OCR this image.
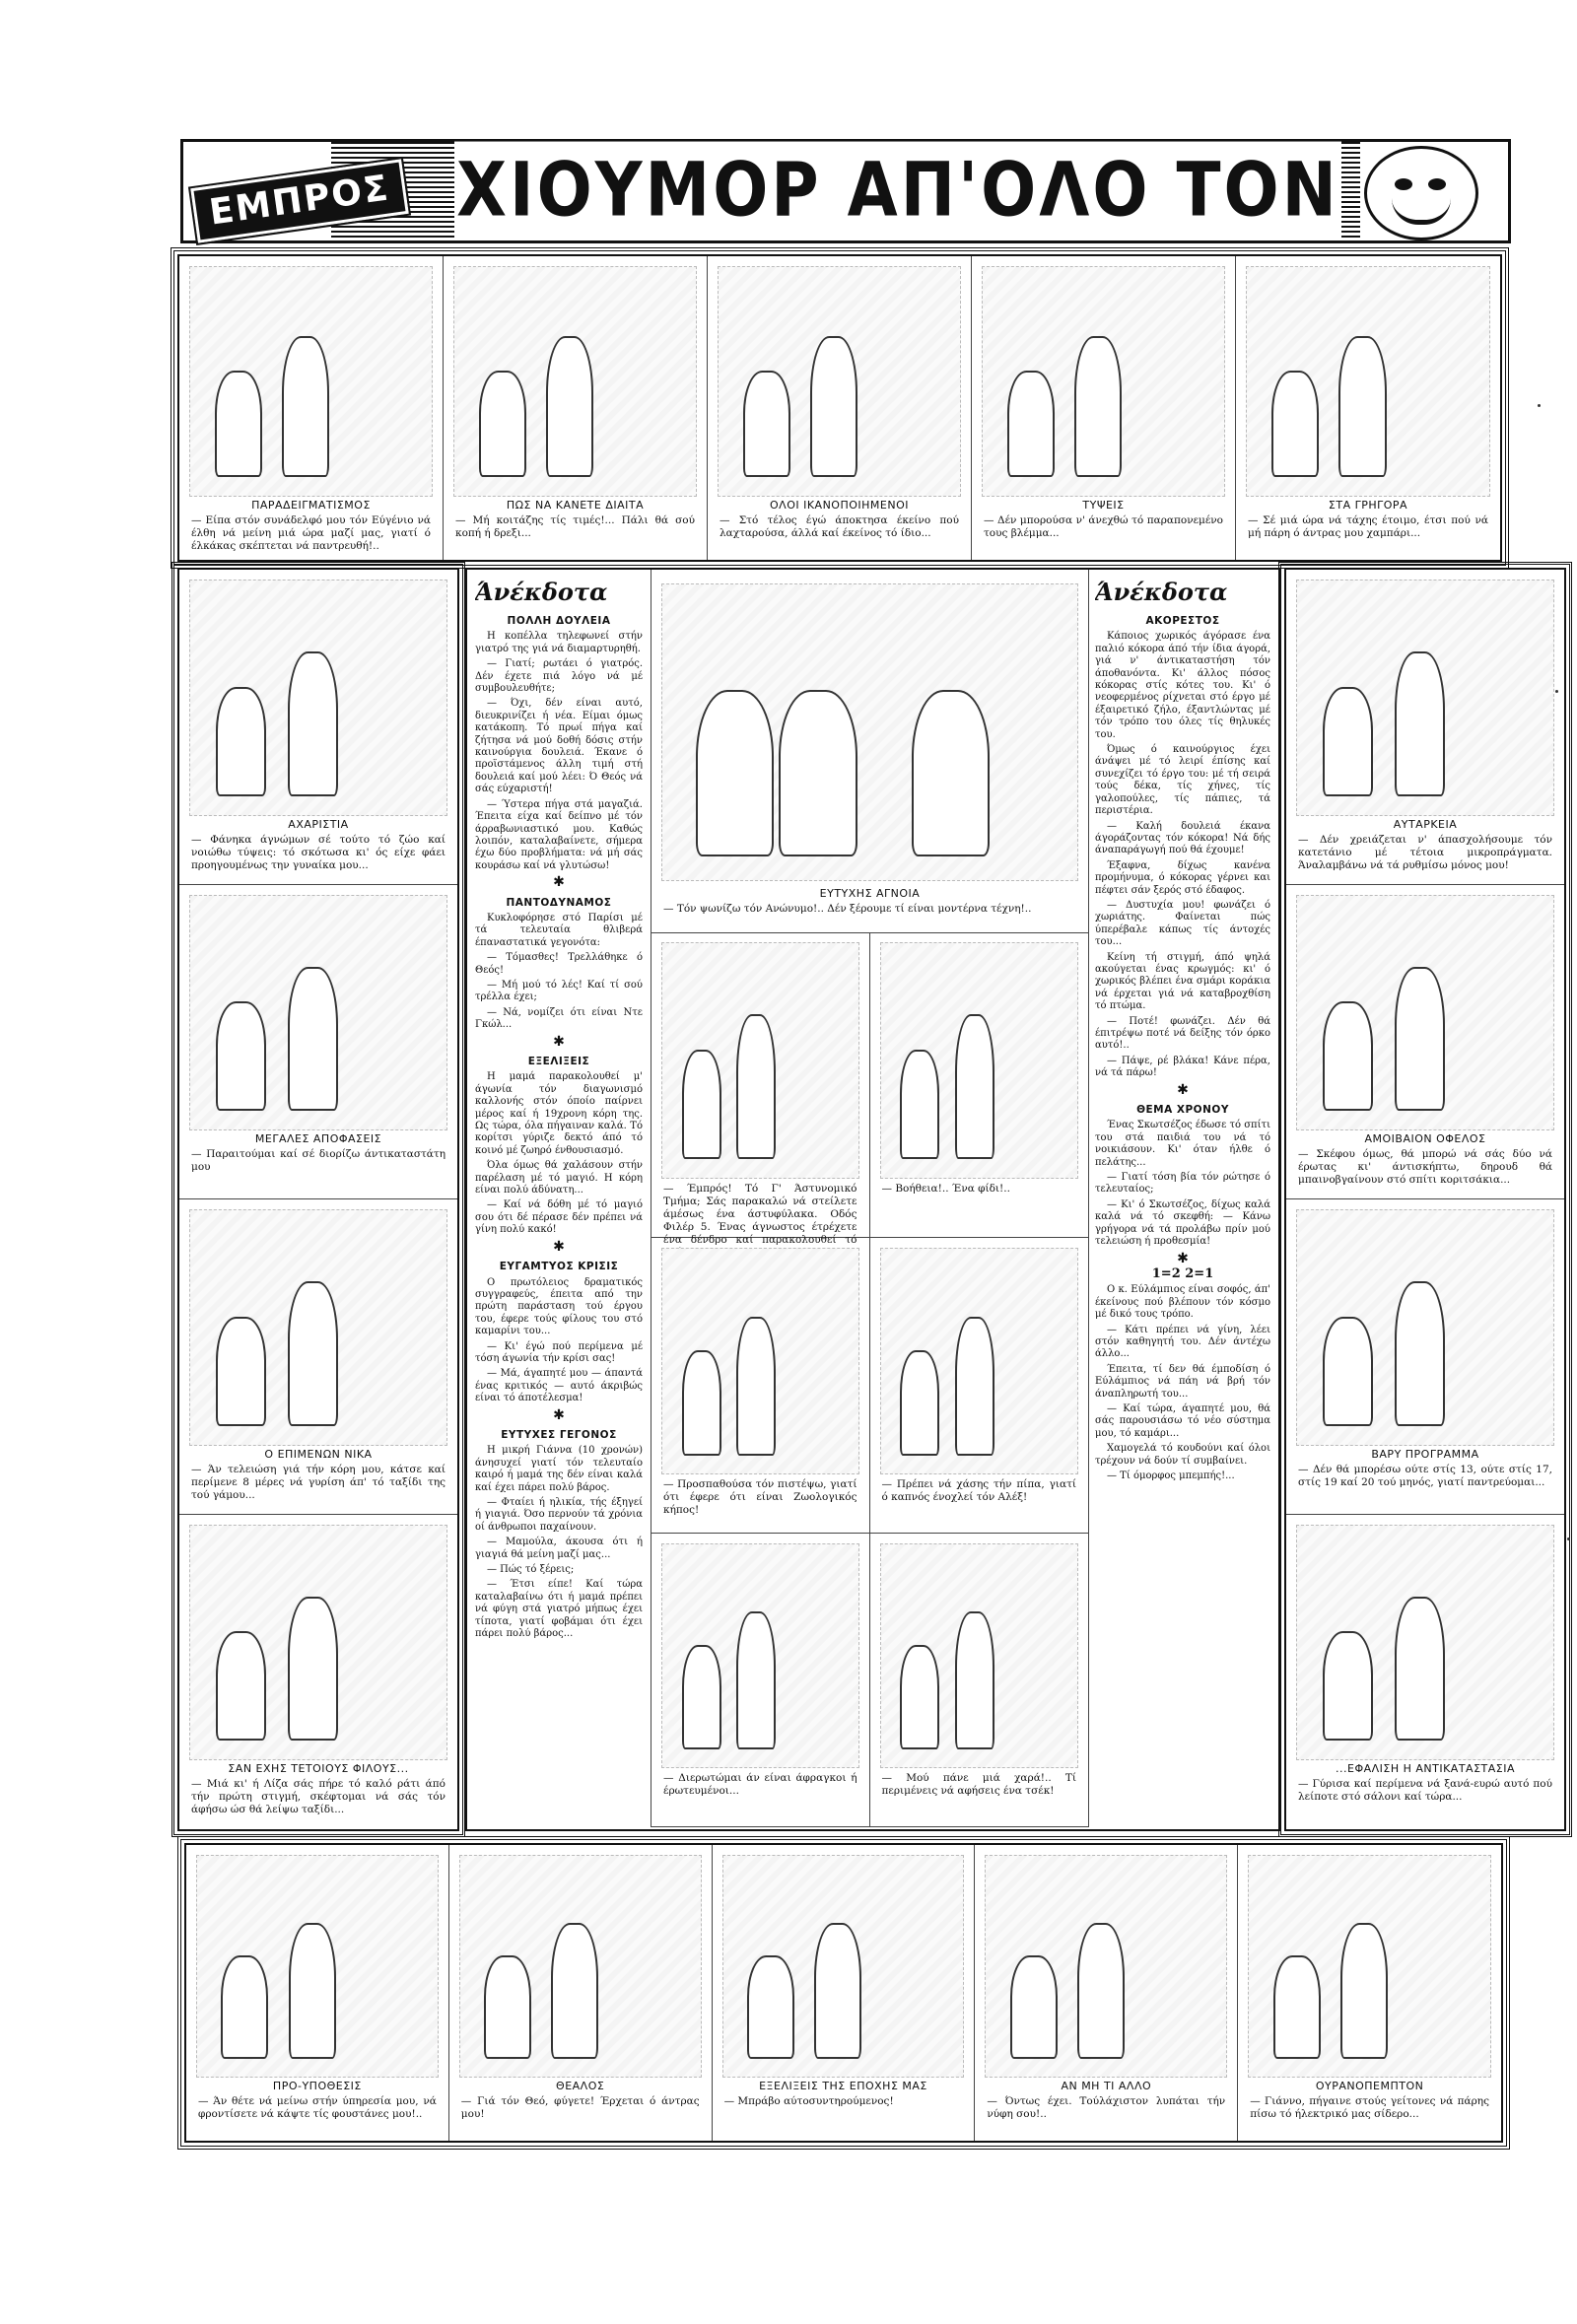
ΕΜΠΡΟΣ ΧΙΟΥΜΟΡ ΑΠ'ΟΛΟ ΤΟΝ
ΠΑΡΑΔΕΙΓΜΑΤΙΣΜΟΣ
— Είπα στόν συνάδελφό μου τόν Εύγένιο νά έλθη νά μείνη μιά ώρα μαζί μας, γιατί ό έλκάκας σκέπτεται νά παντρευθή!..
ΠΩΣ ΝΑ ΚΑΝΕΤΕ ΔΙΑΙΤΑ
— Μή κοιτάζης τίς τιμές!... Πάλι θά σού κοπή ή δρεξι...
ΟΛΟΙ ΙΚΑΝΟΠΟΙΗΜΕΝΟΙ
— Στό τέλος έγώ άποκτησα έκείνο πού λαχταρούσα, άλλά καί έκείνος τό ίδιο...
ΤΥΨΕΙΣ
— Δέν μπορούσα ν' άνεχθώ τό παραπονεμένο τους βλέμμα...
ΣΤΑ ΓΡΗΓΟΡΑ
— Σέ μιά ώρα νά τάχης έτοιμο, έτσι πού νά μή πάρη ό άντρας μου χαμπάρι...
ΑΧΑΡΙΣΤΙΑ
— Φάνηκα άγνώμων σέ τούτο τό ζώο καί νοιώθω τύψεις: τό σκότωσα κι' ός είχε φάει προηγουμένως την γυναίκα μου...
ΜΕΓΑΛΕΣ ΑΠΟΦΑΣΕΙΣ
— Παραιτούμαι καί σέ διορίζω άντικαταστάτη μου
Ο ΕΠΙΜΕΝΩΝ ΝΙΚΑ
— Άν τελειώση γιά τήν κόρη μου, κάτσε καί περίμενε 8 μέρες νά γυρίση άπ' τό ταξίδι της τού γάμου...
ΣΑΝ ΕΧΗΣ ΤΕΤΟΙΟΥΣ ΦΙΛΟΥΣ...
— Μιά κι' ή Λίζα σάς πήρε τό καλό ράτι άπό τήν πρώτη στιγμή, σκέφτομαι νά σάς τόν άφήσω ώσ θά λείψω ταξίδι...
ΑΥΤΑΡΚΕΙΑ
— Δέν χρειάζεται ν' άπασχολήσουμε τόν κατετάνιο μέ τέτοια μικροπράγματα. Άναλαμβάνω νά τά ρυθμίσω μόνος μου!
ΑΜΟΙΒΑΙΟΝ ΟΦΕΛΟΣ
— Σκέφου όμως, θά μπορώ νά σάς δύο νά έρωτας κι' άντισκήπτω, δηρουδ θά μπαινοβγαίνουν στό σπίτι κοριτσάκια...
ΒΑΡΥ ΠΡΟΓΡΑΜΜΑ
— Δέν θά μπορέσω ούτε στίς 13, ούτε στίς 17, στίς 19 καί 20 τού μηνός, γιατί παντρεύομαι...
...ΕΦΑΛΙΣΗ Η ΑΝΤΙΚΑΤΑΣΤΑΣΙΑ
— Γύρισα καί περίμενα νά ξανά-ευρώ αυτό πού λείποτε στό σάλονι καί τώρα...
Άνέκδοτα
ΠΟΛΛΗ ΔΟΥΛΕΙΑ

Η κοπέλλα τηλεφωνεί στήν γιατρό της γιά νά διαμαρτυρηθή.

— Γιατί; ρωτάει ό γιατρός. Δέν έχετε πιά λόγο νά μέ συμβουλευθήτε;

— Όχι, δέν είναι αυτό, διευκρινίζει ή νέα. Είμαι όμως κατάκοπη. Τό πρωί πήγα καί ζήτησα νά μού δοθή δόσις στήν καινούργια δουλειά. Έκανε ό προϊστάμενος άλλη τιμή στή δουλειά καί μού λέει: Ό Θεός νά σάς εύχαριστή!

— Ύστερα πήγα στά μαγαζιά. Έπειτα είχα καί δείπνο μέ τόν άρραβωνιαστικό μου. Καθώς λοιπόν, καταλαβαίνετε, σήμερα έχω δύο προβλήματα: νά μή σάς κουράσω καί νά γλυτώσω!

✱
ΠΑΝΤΟΔΥΝΑΜΟΣ

Κυκλοφόρησε στό Παρίσι μέ τά τελευταία θλιβερά έπαναστατικά γεγονότα:

— Τόμασθες! Τρελλάθηκε ό Θεός!

— Μή μού τό λές! Καί τί σού τρέλλα έχει;

— Νά, νομίζει ότι είναι Ντε Γκώλ...

✱
ΕΞΕΛΙΞΕΙΣ

Η μαμά παρακολουθεί μ' άγωνία τόν διαγωνισμό καλλονής στόν όποίο παίρνει μέρος καί ή 19χρονη κόρη της. Ως τώρα, όλα πήγαιναν καλά. Τό κορίτσι γύριζε δεκτό άπό τό κοινό μέ ζωηρό ένθουσιασμό.

Όλα όμως θά χαλάσουν στήν παρέλαση μέ τό μαγιό. Η κόρη είναι πολύ άδύνατη...

— Καί νά δόθη μέ τό μαγιό σου ότι δέ πέρασε δέν πρέπει νά γίνη πολύ κακό!

✱
ΕΥΓΑΜΤΥΟΣ ΚΡΙΣΙΣ

Ο πρωτόλειος δραματικός συγγραφεύς, έπειτα από την πρώτη παράσταση τού έργου του, έφερε τούς φίλους του στό καμαρίνι του...

— Κι' έγώ πού περίμενα μέ τόση άγωνία τήν κρίσι σας!

— Μά, άγαπητέ μου — άπαντά ένας κριτικός — αυτό άκριβώς είναι τό άποτέλεσμα!

✱
ΕΥΤΥΧΕΣ ΓΕΓΟΝΟΣ

Η μικρή Γιάννα (10 χρονών) άνησυχεί γιατί τόν τελευταίο καιρό ή μαμά της δέν είναι καλά καί έχει πάρει πολύ βάρος.

— Φταίει ή ηλικία, τής έξηγεί ή γιαγιά. Όσο περνούν τά χρόνια οί άνθρωποι παχαίνουν.

— Μαμούλα, άκουσα ότι ή γιαγιά θά μείνη μαζί μας...

— Πώς τό ξέρεις;

— Έτσι είπε! Καί τώρα καταλαβαίνω ότι ή μαμά πρέπει νά φύγη στά γιατρό μήπως έχει τίποτα, γιατί φοβάμαι ότι έχει πάρει πολύ βάρος...

Άνέκδοτα
ΑΚΟΡΕΣΤΟΣ

Κάποιος χωρικός άγόρασε ένα παλιό κόκορα άπό τήν ίδια άγορά, γιά ν' άντικαταστήση τόν άποθανόντα. Κι' άλλος πόσος κόκορας στίς κότες του. Κι' ό νεοφερμένος ρίχνεται στό έργο μέ έξαιρετικό ζήλο, έξαντλώντας μέ τόν τρόπο του όλες τίς θηλυκές του.

Όμως ό καινούργιος έχει άνάψει μέ τό λειρί έπίσης καί συνεχίζει τό έργο του: μέ τή σειρά τούς δέκα, τίς χήνες, τίς γαλοπούλες, τίς πάπιες, τά περιστέρια.

— Καλή δουλειά έκανα άγοράζοντας τόν κόκορα! Νά δής άναπαράγωγή πού θά έχουμε!

Έξαφνα, δίχως κανένα προμήνυμα, ό κόκορας γέρνει και πέφτει σάν ξερός στό έδαφος.

— Δυστυχία μου! φωνάζει ό χωριάτης. Φαίνεται πώς ύπερέβαλε κάπως τίς άντοχές του...

Κείνη τή στιγμή, άπό ψηλά ακούγεται ένας κρωγμός: κι' ό χωρικός βλέπει ένα σμάρι κοράκια νά έρχεται γιά νά καταβροχθίση τό πτώμα.

— Ποτέ! φωνάζει. Δέν θά έπιτρέψω ποτέ νά δείξης τόν όρκο αυτό!..

— Πάψε, ρέ βλάκα! Κάνε πέρα, νά τά πάρω!

✱
ΘΕΜΑ ΧΡΟΝΟΥ

Ένας Σκωτσέζος έδωσε τό σπίτι του στά παιδιά του νά τό νοικιάσουν. Κι' όταν ήλθε ό πελάτης...

— Γιατί τόση βία τόν ρώτησε ό τελευταίος;

— Κι' ό Σκωτσέζος, δίχως καλά καλά νά τό σκεφθή: — Κάνω γρήγορα νά τά προλάβω πρίν μού τελειώση ή προθεσμία!

✱
1=2 2=1

Ο κ. Εύλάμπιος είναι σοφός, άπ' έκείνους πού βλέπουν τόν κόσμο μέ δικό τους τρόπο.

— Κάτι πρέπει νά γίνη, λέει στόν καθηγητή του. Δέν άντέχω άλλο...

Έπειτα, τί δεν θά έμποδίση ό Εύλάμπιος νά πάη νά βρή τόν άναπληρωτή του...

— Καί τώρα, άγαπητέ μου, θά σάς παρουσιάσω τό νέο σύστημα μου, τό καμάρι...

Χαμογελά τό κουδούνι καί όλοι τρέχουν νά δούν τί συμβαίνει.

— Τί όμορφος μπεμπής!...

ΕΥΤΥΧΗΣ ΑΓΝΟΙΑ
— Τόν ψωνίζω τόν Ανώνυμο!.. Δέν ξέρουμε τί είναι μοντέρνα τέχνη!..
— Έμπρός! Τό Γ' Άστυνομικό Τμήμα; Σάς παρακαλώ νά στείλετε άμέσως ένα άστυφύλακα. Οδός Φιλέρ 5. Ένας άγνωστος έτρέχετε ένα δένδρο καί παρακολουθεί τό
— Βοήθεια!.. Ένα φίδι!..
— Προσπαθούσα τόν πιστέψω, γιατί ότι έφερε ότι είναι Ζωολογικός κήπος!
— Πρέπει νά χάσης τήν πίπα, γιατί ό καπνός ένοχλεί τόν Αλέξ!
— Διερωτώμαι άν είναι άφραγκοι ή έρωτευμένοι...
— Μού πάνε μιά χαρά!.. Τί περιμένεις νά αφήσεις ένα τσέκ!
ΠΡΟ-ΥΠΟΘΕΣΙΣ
— Άν θέτε νά μείνω στήν ύπηρεσία μου, νά φροντίσετε νά κάψτε τίς φουστάνες μου!..
ΘΕΑΛΟΣ
— Γιά τόν Θεό, φύγετε! Έρχεται ό άντρας μου!
ΕΞΕΛΙΞΕΙΣ ΤΗΣ ΕΠΟΧΗΣ ΜΑΣ
— Μπράβο αύτοσυντηρούμενος!
ΑΝ ΜΗ ΤΙ ΑΛΛΟ
— Όντως έχει. Τούλάχιστον λυπάται τήν νύφη σου!..
ΟΥΡΑΝΟΠΕΜΠΤΟΝ
— Γιάννο, πήγαινε στούς γείτονες νά πάρης πίσω τό ήλεκτρικό μας σίδερο...
